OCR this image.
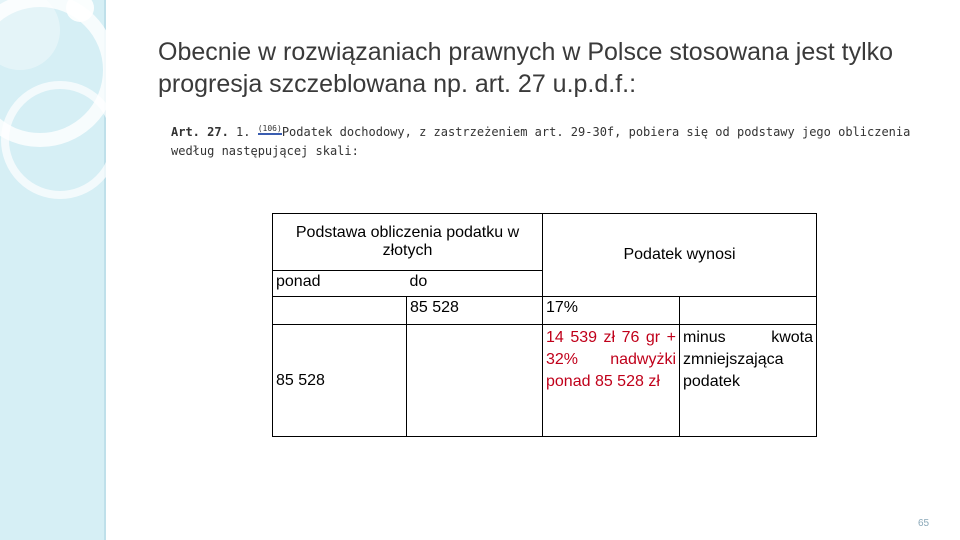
Obecnie w rozwiązaniach prawnych w Polsce stosowana jest tylko progresja szczeblowana np. art. 27 u.p.d.f.:
Art. 27. 1. $^{(106)}$Podatek dochodowy, z zastrzeżeniem art. 29-30f, pobiera się od podstawy jego obliczenia według następującej skali:
Podstawa obliczenia podatku w złotych		Podatek wynosi	
ponad	do		
	85 528	17%	
85 528		14 539 zł 76 gr + 32% nadwyżki ponad 85 528 zł	minus kwota zmniejszająca podatek
65
